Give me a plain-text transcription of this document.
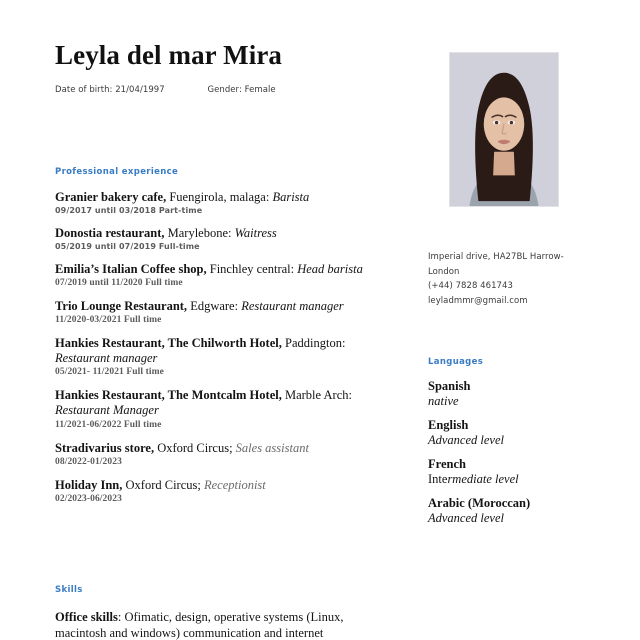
Leyla del mar Mira

Date of birth: 21/04/1997	Gender: Female

Professional experience

Granier bakery cafe, Fuengirola, malaga: Barista

09/2017 until 03/2018 Part-time

Donostia restaurant, Marylebone: Waitress

05/2019 until 07/2019 Full-time

Emilia’s Italian Coffee shop, Finchley central: Head barista

07/2019 until 11/2020 Full time

Trio Lounge Restaurant, Edgware: Restaurant manager

11/2020-03/2021 Full time

Hankies Restaurant, The Chilworth Hotel, Paddington:

Restaurant manager

05/2021- 11/2021 Full time

Hankies Restaurant, The Montcalm Hotel, Marble Arch:

Restaurant Manager

11/2021-06/2022 Full time

Stradivarius store, Oxford Circus; Sales assistant

08/2022-01/2023

Holiday Inn, Oxford Circus; Receptionist

02/2023-06/2023

Skills

Office skills: Ofimatic, design, operative systems (Linux, macintosh and windows) communication and internet

Imperial drive, HA27BL Harrow-

London

(+44) 7828 461743

leyladmmr@gmail.com

Languages

Spanish

native

English

Advanced level

French

Intermediate level

Arabic (Moroccan)

Advanced level
